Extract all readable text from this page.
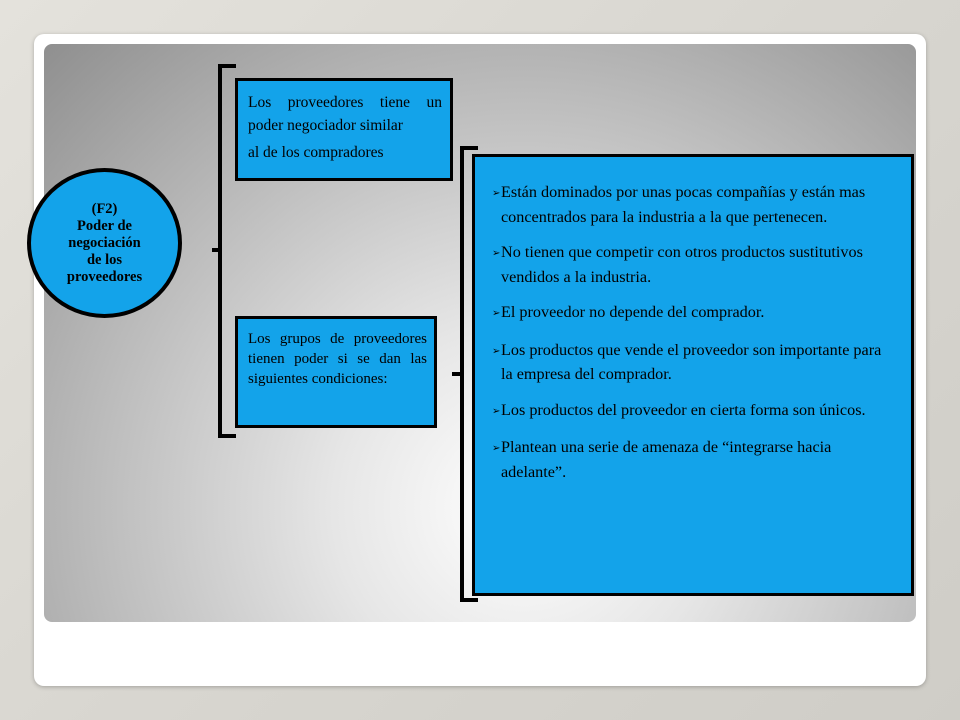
(F2)
Poder de
negociación
de los
proveedores
Los proveedores tiene un poder negociador similar
al de los compradores
Los grupos de proveedores tienen poder si se dan las siguientes condiciones:
➢Están dominados por unas pocas compañías y están mas concentrados para la industria a la que pertenecen.
➢No tienen que competir con otros productos sustitutivos vendidos a la industria.
➢El proveedor no depende del comprador.
➢Los productos que vende el proveedor son importante para la empresa del comprador.
➢Los productos del proveedor en cierta forma son únicos.
➢Plantean una serie de amenaza de “integrarse hacia adelante”.
